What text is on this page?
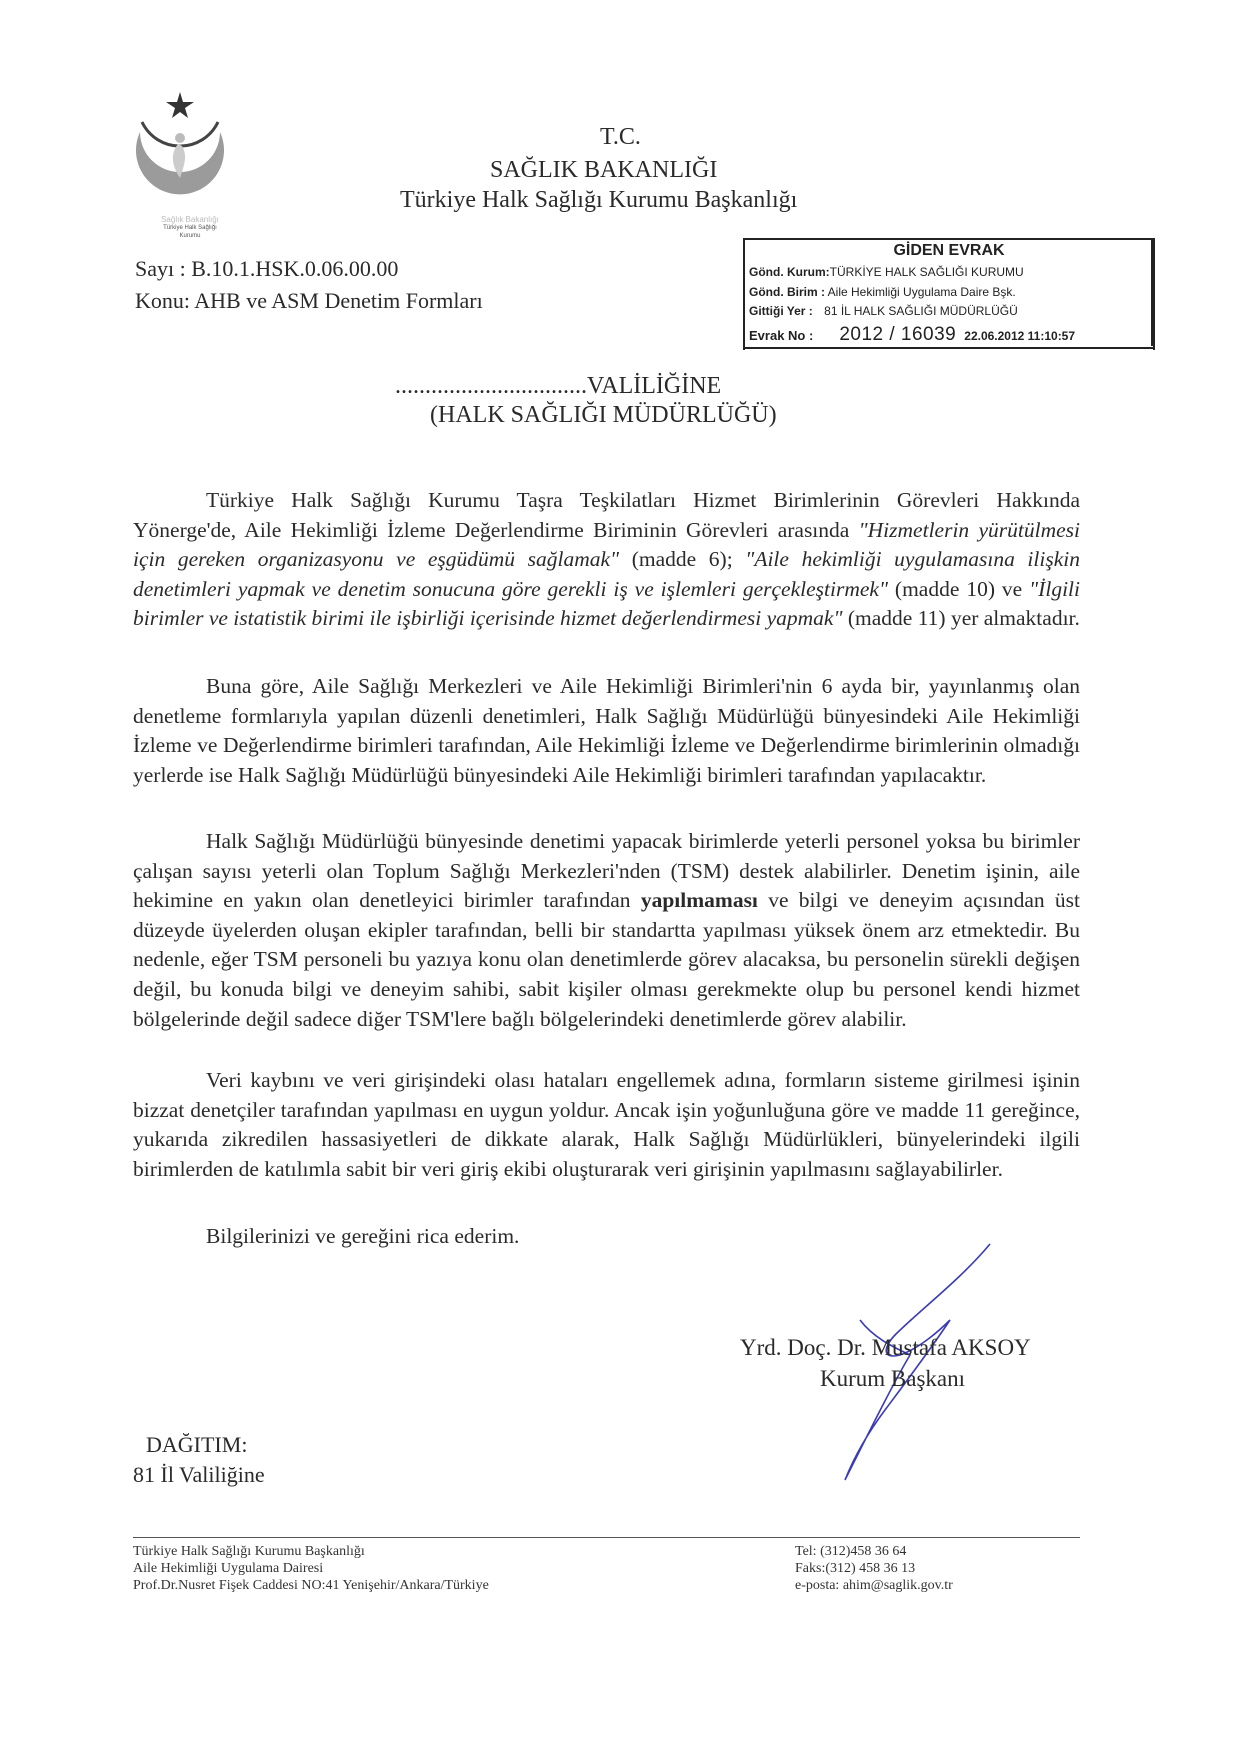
Sağlık Bakanlığı
Türkiye Halk Sağlığı
Kurumu
T.C.
SAĞLIK BAKANLIĞI
Türkiye Halk Sağlığı Kurumu Başkanlığı
Sayı : B.10.1.HSK.0.06.00.00
Konu: AHB ve ASM Denetim Formları
GİDEN EVRAK
Gönd. Kurum:TÜRKİYE HALK SAĞLIĞI KURUMU
Gönd. Birim : Aile Hekimliği Uygulama Daire Bşk.
Gittiği Yer : 81 İL HALK SAĞLIĞI MÜDÜRLÜĞÜ
Evrak No : 2012 / 16039 22.06.2012 11:10:57
................................VALİLİĞİNE
(HALK SAĞLIĞI MÜDÜRLÜĞÜ)

Türkiye Halk Sağlığı Kurumu Taşra Teşkilatları Hizmet Birimlerinin Görevleri Hakkında Yönerge'de, Aile Hekimliği İzleme Değerlendirme Biriminin Görevleri arasında "Hizmetlerin yürütülmesi için gereken organizasyonu ve eşgüdümü sağlamak" (madde 6); "Aile hekimliği uygulamasına ilişkin denetimleri yapmak ve denetim sonucuna göre gerekli iş ve işlemleri gerçekleştirmek" (madde 10) ve "İlgili birimler ve istatistik birimi ile işbirliği içerisinde hizmet değerlendirmesi yapmak" (madde 11) yer almaktadır.

Buna göre, Aile Sağlığı Merkezleri ve Aile Hekimliği Birimleri'nin 6 ayda bir, yayınlanmış olan denetleme formlarıyla yapılan düzenli denetimleri, Halk Sağlığı Müdürlüğü bünyesindeki Aile Hekimliği İzleme ve Değerlendirme birimleri tarafından, Aile Hekimliği İzleme ve Değerlendirme birimlerinin olmadığı yerlerde ise Halk Sağlığı Müdürlüğü bünyesindeki Aile Hekimliği birimleri tarafından yapılacaktır.

Halk Sağlığı Müdürlüğü bünyesinde denetimi yapacak birimlerde yeterli personel yoksa bu birimler çalışan sayısı yeterli olan Toplum Sağlığı Merkezleri'nden (TSM) destek alabilirler. Denetim işinin, aile hekimine en yakın olan denetleyici birimler tarafından yapılmaması ve bilgi ve deneyim açısından üst düzeyde üyelerden oluşan ekipler tarafından, belli bir standartta yapılması yüksek önem arz etmektedir. Bu nedenle, eğer TSM personeli bu yazıya konu olan denetimlerde görev alacaksa, bu personelin sürekli değişen değil, bu konuda bilgi ve deneyim sahibi, sabit kişiler olması gerekmekte olup bu personel kendi hizmet bölgelerinde değil sadece diğer TSM'lere bağlı bölgelerindeki denetimlerde görev alabilir.

Veri kaybını ve veri girişindeki olası hataları engellemek adına, formların sisteme girilmesi işinin bizzat denetçiler tarafından yapılması en uygun yoldur. Ancak işin yoğunluğuna göre ve madde 11 gereğince, yukarıda zikredilen hassasiyetleri de dikkate alarak, Halk Sağlığı Müdürlükleri, bünyelerindeki ilgili birimlerden de katılımla sabit bir veri giriş ekibi oluşturarak veri girişinin yapılmasını sağlayabilirler.

Bilgilerinizi ve gereğini rica ederim.

Yrd. Doç. Dr. Mustafa AKSOY
Kurum Başkanı
DAĞITIM:
81 İl Valiliğine
Türkiye Halk Sağlığı Kurumu Başkanlığı
Aile Hekimliği Uygulama Dairesi
Prof.Dr.Nusret Fişek Caddesi NO:41 Yenişehir/Ankara/Türkiye
Tel: (312)458 36 64
Faks:(312) 458 36 13
e-posta: ahim@saglik.gov.tr
